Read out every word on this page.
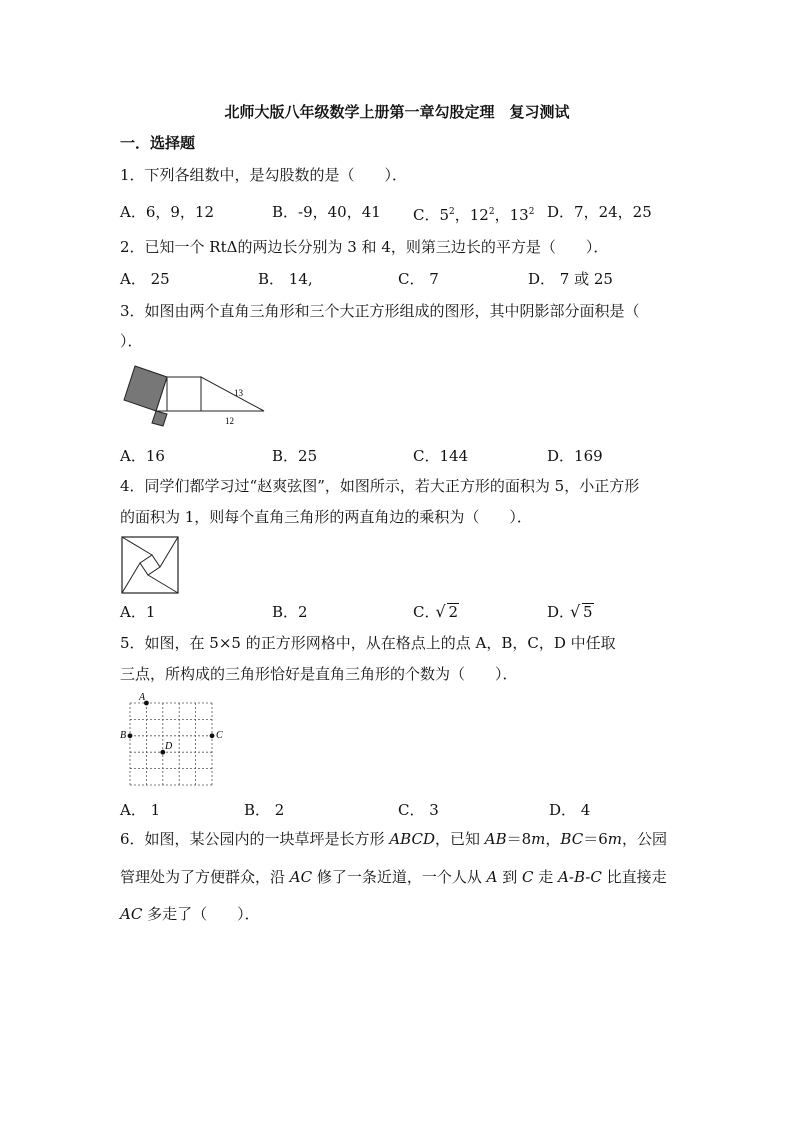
北师大版八年级数学上册第一章勾股定理　复习测试
一．选择题
1．下列各组数中，是勾股数的是（　　）．
A．6，9，12	B．-9，40，41 C．$5^2$，$12^2$，$13^2$ D．7，24，25
2．已知一个 RtΔ的两边长分别为 3 和 4，则第三边长的平方是（　　）．
A． 25	B． 14,	C． 7	D． 7 或 25
3．如图由两个直角三角形和三个大正方形组成的图形，其中阴影部分面积是（
）．
13
12
A．16	B．25	C．144	D．169
4．同学们都学习过“赵爽弦图”，如图所示，若大正方形的面积为 5，小正方形
的面积为 1，则每个直角三角形的两直角边的乘积为（　　）．
A．1	B．2	C． √ 2	D． √ 5
5．如图，在 5×5 的正方形网格中，从在格点上的点 A，B，C，D 中任取
三点，所构成的三角形恰好是直角三角形的个数为（　　）．
A
B	C
D
A． 1	B． 2	C． 3	D． 4
6．如图，某公园内的一块草坪是长方形 ABCD，已知 AB＝8m，BC＝6m，公园
管理处为了方便群众，沿 AC 修了一条近道，一个人从 A 到 C 走 A-B-C 比直接走
AC 多走了（　　）．
